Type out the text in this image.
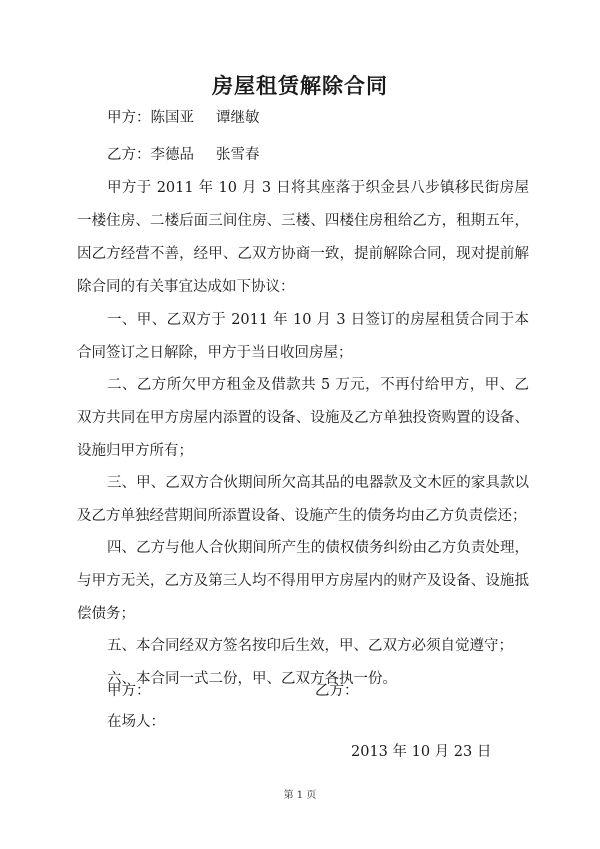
房屋租赁解除合同
甲方：陈国亚 谭继敏
乙方：李德品 张雪春
甲方于 2011 年 10 月 3 日将其座落于织金县八步镇移民街房屋一楼住房、二楼后面三间住房、三楼、四楼住房租给乙方，租期五年，因乙方经营不善，经甲、乙双方协商一致，提前解除合同，现对提前解除合同的有关事宜达成如下协议：
一、甲、乙双方于 2011 年 10 月 3 日签订的房屋租赁合同于本合同签订之日解除，甲方于当日收回房屋；
二、乙方所欠甲方租金及借款共 5 万元，不再付给甲方，甲、乙双方共同在甲方房屋内添置的设备、设施及乙方单独投资购置的设备、设施归甲方所有；
三、甲、乙双方合伙期间所欠高其品的电器款及文木匠的家具款以及乙方单独经营期间所添置设备、设施产生的债务均由乙方负责偿还；
四、乙方与他人合伙期间所产生的债权债务纠纷由乙方负责处理，与甲方无关，乙方及第三人均不得用甲方房屋内的财产及设备、设施抵偿债务；
五、本合同经双方签名按印后生效，甲、乙双方必须自觉遵守；
六、本合同一式二份，甲、乙双方各执一份。
甲方：	乙方：
在场人：
2013 年 10 月 23 日
第 1 页
